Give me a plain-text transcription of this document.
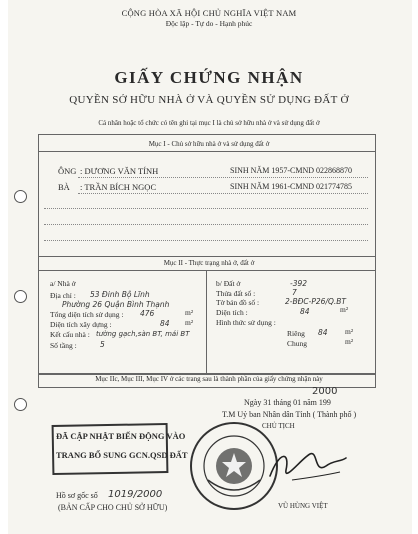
CỘNG HÒA XÃ HỘI CHỦ NGHĨA VIỆT NAM
Độc lập - Tự do - Hạnh phúc
GIẤY CHỨNG NHẬN
QUYỀN SỞ HỮU NHÀ Ở VÀ QUYỀN SỬ DỤNG ĐẤT Ở
Cá nhân hoặc tổ chức có tên ghi tại mục I là chủ sở hữu nhà ở và sử dụng đất ở
Mục I - Chủ sở hữu nhà ở và sử dụng đất ở
ÔNG : DƯƠNG VĂN TÍNH	SINH NĂM 1957-CMND 022868870
BÀ : TRẦN BÍCH NGỌC	SINH NĂM 1961-CMND 021774785
Mục II - Thực trạng nhà ở, đất ở
a/ Nhà ở
Địa chỉ : 53 Đinh Bộ Lĩnh
Phường 26 Quận Bình Thạnh
Tổng diện tích sử dụng : 476	m²
Diện tích xây dựng :	84 m²
Kết cấu nhà : tường gạch,sàn BT, mái BT
Số tầng :	5
b/ Đất ở	-392
Thửa đất số :	7
Tờ bản đồ số :	2-BĐC-P26/Q.BT
Diện tích :	84	m²
Hình thức sử dụng :
Riêng 84 m²
Chung	m²
Mục IIc, Mục III, Mục IV ở các trang sau là thành phần của giấy chứng nhận này
2000
Ngày 31 tháng 01 năm 199
T.M Uỷ ban Nhân dân Tỉnh ( Thành phố )
CHỦ TỊCH
VŨ HÙNG VIỆT
ĐÃ CẬP NHẬT BIẾN ĐỘNG VÀO
TRANG BỔ SUNG GCN.QSD ĐẤT
Hồ sơ gốc số 1019/2000
(BẢN CẤP CHO CHỦ SỞ HỮU)
